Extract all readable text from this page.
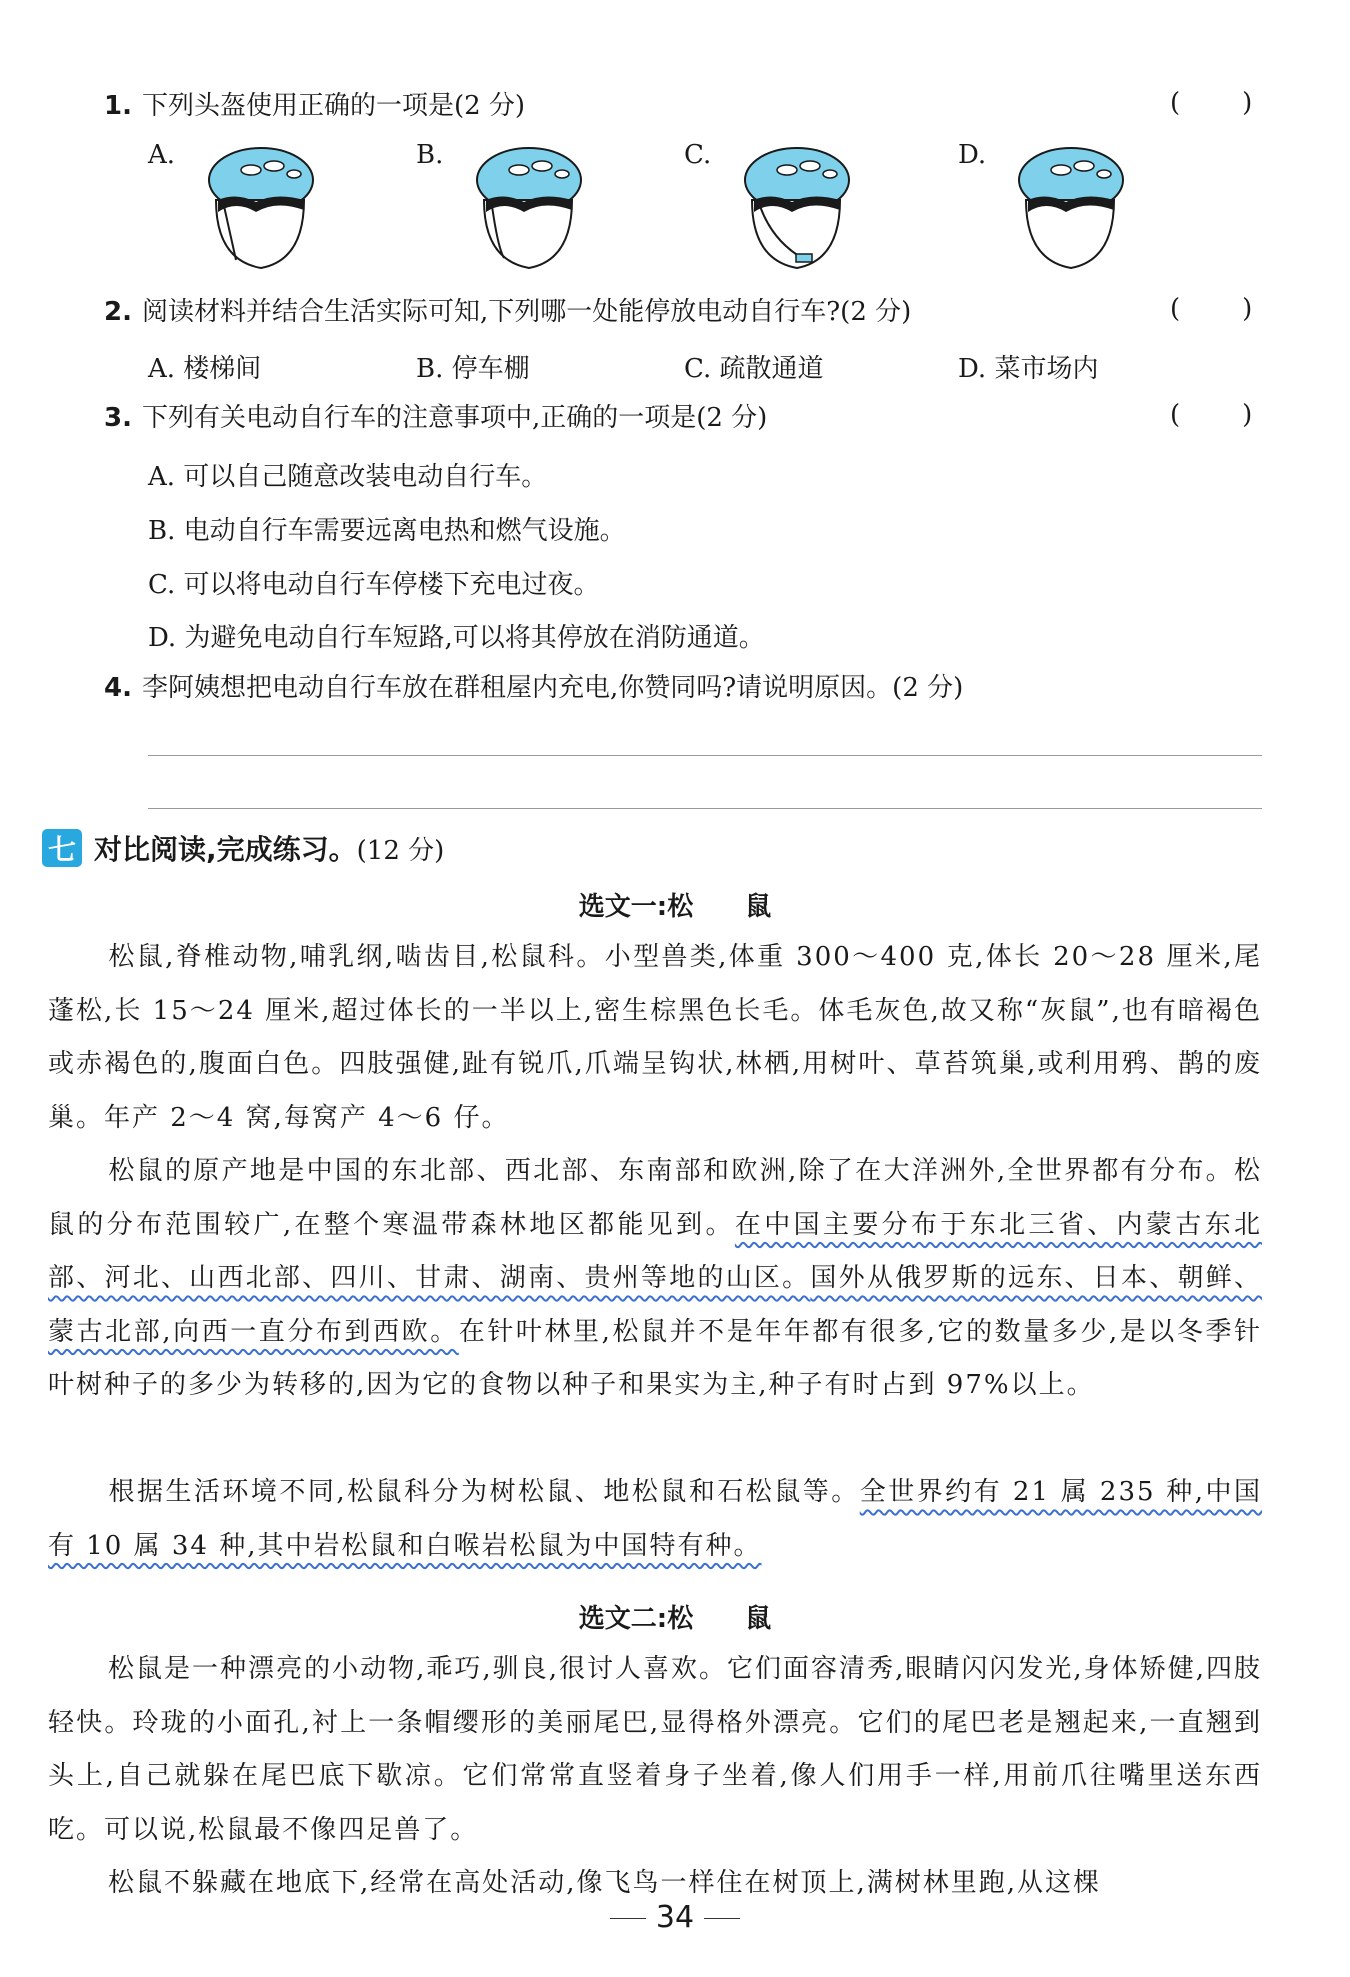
1. 下列头盔使用正确的一项是(2 分)	( )
A.	B.	C.	D.
2. 阅读材料并结合生活实际可知,下列哪一处能停放电动自行车?(2 分)	( )
A. 楼梯间	B. 停车棚	C. 疏散通道	D. 菜市场内
3. 下列有关电动自行车的注意事项中,正确的一项是(2 分)	( )
A. 可以自己随意改装电动自行车。
B. 电动自行车需要远离电热和燃气设施。
C. 可以将电动自行车停楼下充电过夜。
D. 为避免电动自行车短路,可以将其停放在消防通道。
4. 李阿姨想把电动自行车放在群租屋内充电,你赞同吗?请说明原因。(2 分)
七 对比阅读,完成练习。(12 分)
选文一:松　　鼠
松鼠,脊椎动物,哺乳纲,啮齿目,松鼠科。小型兽类,体重 300～400 克,体长 20～28 厘米,尾蓬松,长 15～24 厘米,超过体长的一半以上,密生棕黑色长毛。体毛灰色,故又称“灰鼠”,也有暗褐色或赤褐色的,腹面白色。四肢强健,趾有锐爪,爪端呈钩状,林栖,用树叶、草苔筑巢,或利用鸦、鹊的废巢。年产 2～4 窝,每窝产 4～6 仔。
松鼠的原产地是中国的东北部、西北部、东南部和欧洲,除了在大洋洲外,全世界都有分布。松鼠的分布范围较广,在整个寒温带森林地区都能见到。在中国主要分布于东北三省、内蒙古东北部、河北、山西北部、四川、甘肃、湖南、贵州等地的山区。国外从俄罗斯的远东、日本、朝鲜、蒙古北部,向西一直分布到西欧。在针叶林里,松鼠并不是年年都有很多,它的数量多少,是以冬季针叶树种子的多少为转移的,因为它的食物以种子和果实为主,种子有时占到 97%以上。
根据生活环境不同,松鼠科分为树松鼠、地松鼠和石松鼠等。全世界约有 21 属 235 种,中国有 10 属 34 种,其中岩松鼠和白喉岩松鼠为中国特有种。
选文二:松　　鼠
松鼠是一种漂亮的小动物,乖巧,驯良,很讨人喜欢。它们面容清秀,眼睛闪闪发光,身体矫健,四肢轻快。玲珑的小面孔,衬上一条帽缨形的美丽尾巴,显得格外漂亮。它们的尾巴老是翘起来,一直翘到头上,自己就躲在尾巴底下歇凉。它们常常直竖着身子坐着,像人们用手一样,用前爪往嘴里送东西吃。可以说,松鼠最不像四足兽了。
松鼠不躲藏在地底下,经常在高处活动,像飞鸟一样住在树顶上,满树林里跑,从这棵
34
